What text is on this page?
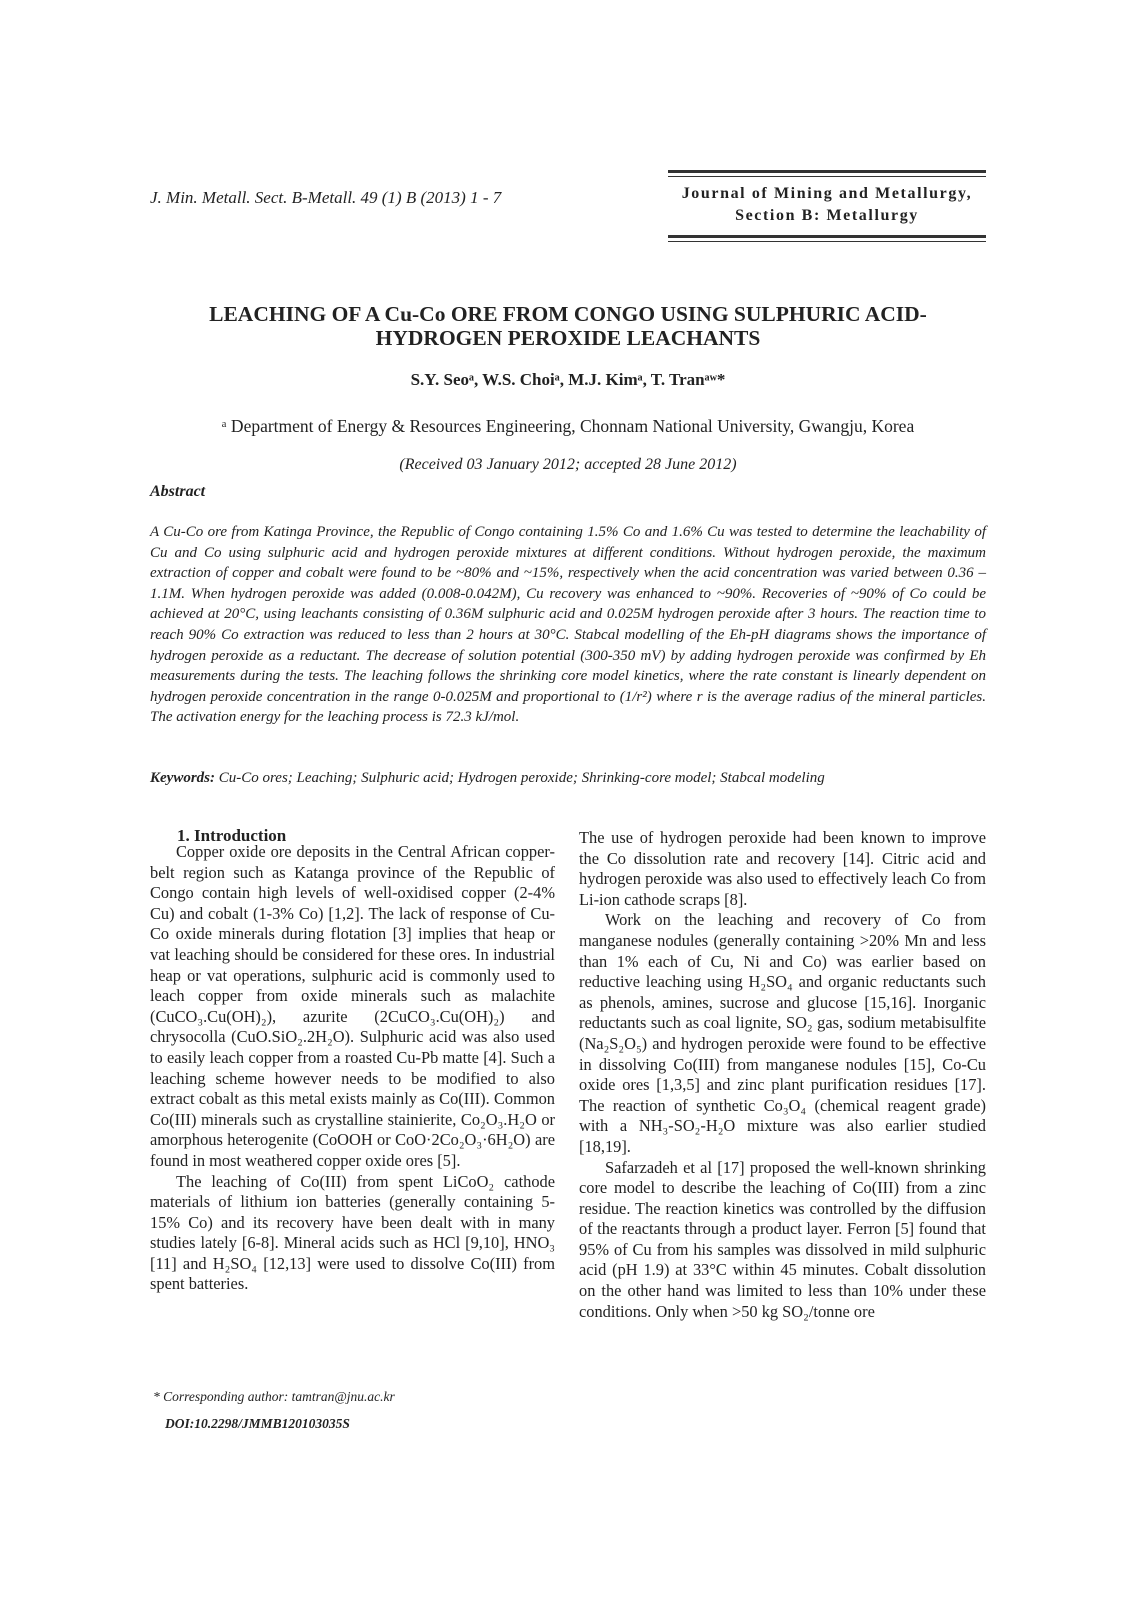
J. Min. Metall. Sect. B-Metall. 49 (1) B (2013) 1 - 7	Journal of Mining and Metallurgy,
Section B: Metallurgy
LEACHING OF A Cu-Co ORE FROM CONGO USING SULPHURIC ACID-
HYDROGEN PEROXIDE LEACHANTS
S.Y. Seoᵃ, W.S. Choiᵃ, M.J. Kimᵃ, T. Tranᵃʷ*
ᵃ Department of Energy & Resources Engineering, Chonnam National University, Gwangju, Korea
(Received 03 January 2012; accepted 28 June 2012)
Abstract
A Cu-Co ore from Katinga Province, the Republic of Congo containing 1.5% Co and 1.6% Cu was tested to determine the leachability of Cu and Co using sulphuric acid and hydrogen peroxide mixtures at different conditions. Without hydrogen peroxide, the maximum extraction of copper and cobalt were found to be ~80% and ~15%, respectively when the acid concentration was varied between 0.36 – 1.1M. When hydrogen peroxide was added (0.008-0.042M), Cu recovery was enhanced to ~90%. Recoveries of ~90% of Co could be achieved at 20°C, using leachants consisting of 0.36M sulphuric acid and 0.025M hydrogen peroxide after 3 hours. The reaction time to reach 90% Co extraction was reduced to less than 2 hours at 30°C. Stabcal modelling of the Eh-pH diagrams shows the importance of hydrogen peroxide as a reductant. The decrease of solution potential (300-350 mV) by adding hydrogen peroxide was confirmed by Eh measurements during the tests. The leaching follows the shrinking core model kinetics, where the rate constant is linearly dependent on hydrogen peroxide concentration in the range 0-0.025M and proportional to (1/r²) where r is the average radius of the mineral particles. The activation energy for the leaching process is 72.3 kJ/mol.
Keywords: Cu-Co ores; Leaching; Sulphuric acid; Hydrogen peroxide; Shrinking-core model; Stabcal modeling
1. Introduction

Copper oxide ore deposits in the Central African copper-belt region such as Katanga province of the Republic of Congo contain high levels of well-oxidised copper (2-4% Cu) and cobalt (1-3% Co) [1,2]. The lack of response of Cu-Co oxide minerals during flotation [3] implies that heap or vat leaching should be considered for these ores. In industrial heap or vat operations, sulphuric acid is commonly used to leach copper from oxide minerals such as malachite (CuCO₃.Cu(OH)₂), azurite (2CuCO₃.Cu(OH)₂) and chrysocolla (CuO.SiO₂.2H₂O). Sulphuric acid was also used to easily leach copper from a roasted Cu-Pb matte [4]. Such a leaching scheme however needs to be modified to also extract cobalt as this metal exists mainly as Co(III). Common Co(III) minerals such as crystalline stainierite, Co₂O₃.H₂O or amorphous heterogenite (CoOOH or CoO·2Co₂O₃·6H₂O) are found in most weathered copper oxide ores [5].

The leaching of Co(III) from spent LiCoO₂ cathode materials of lithium ion batteries (generally containing 5-15% Co) and its recovery have been dealt with in many studies lately [6-8]. Mineral acids such as HCl [9,10], HNO₃ [11] and H₂SO₄ [12,13] were used to dissolve Co(III) from spent batteries.

The use of hydrogen peroxide had been known to improve the Co dissolution rate and recovery [14]. Citric acid and hydrogen peroxide was also used to effectively leach Co from Li-ion cathode scraps [8].

Work on the leaching and recovery of Co from manganese nodules (generally containing >20% Mn and less than 1% each of Cu, Ni and Co) was earlier based on reductive leaching using H₂SO₄ and organic reductants such as phenols, amines, sucrose and glucose [15,16]. Inorganic reductants such as coal lignite, SO₂ gas, sodium metabisulfite (Na₂S₂O₅) and hydrogen peroxide were found to be effective in dissolving Co(III) from manganese nodules [15], Co-Cu oxide ores [1,3,5] and zinc plant purification residues [17]. The reaction of synthetic Co₃O₄ (chemical reagent grade) with a NH₃-SO₂-H₂O mixture was also earlier studied [18,19].

Safarzadeh et al [17] proposed the well-known shrinking core model to describe the leaching of Co(III) from a zinc residue. The reaction kinetics was controlled by the diffusion of the reactants through a product layer. Ferron [5] found that 95% of Cu from his samples was dissolved in mild sulphuric acid (pH 1.9) at 33°C within 45 minutes. Cobalt dissolution on the other hand was limited to less than 10% under these conditions. Only when >50 kg SO₂/tonne ore

* Corresponding author: tamtran@jnu.ac.kr
DOI:10.2298/JMMB120103035S
